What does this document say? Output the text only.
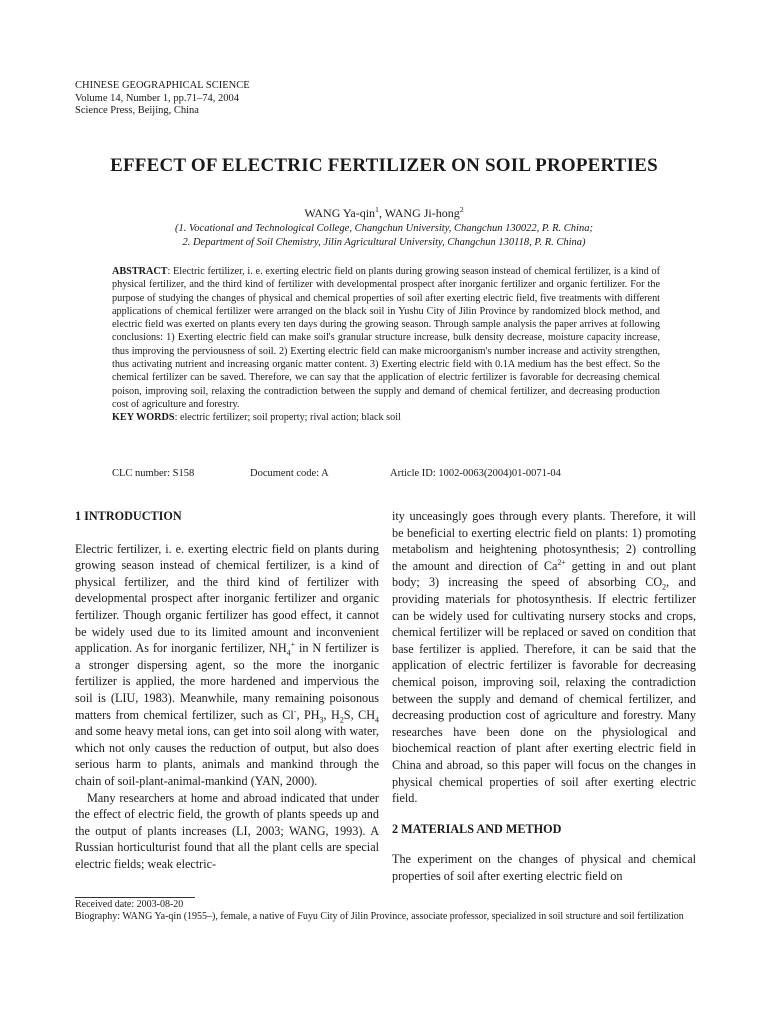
CHINESE GEOGRAPHICAL SCIENCE
Volume 14, Number 1, pp.71–74, 2004
Science Press, Beijing, China
EFFECT OF ELECTRIC FERTILIZER ON SOIL PROPERTIES
WANG Ya-qin$^1$, WANG Ji-hong$^2$
(1. Vocational and Technological College, Changchun University, Changchun 130022, P. R. China;
2. Department of Soil Chemistry, Jilin Agricultural University, Changchun 130118, P. R. China)
ABSTRACT: Electric fertilizer, i. e. exerting electric field on plants during growing season instead of chemical fertilizer, is a kind of physical fertilizer, and the third kind of fertilizer with developmental prospect after inorganic fertilizer and organic fertilizer. For the purpose of studying the changes of physical and chemical properties of soil after exerting electric field, five treatments with different applications of chemical fertilizer were arranged on the black soil in Yushu City of Jilin Province by randomized block method, and electric field was exerted on plants every ten days during the growing season. Through sample analysis the paper arrives at following conclusions: 1) Exerting electric field can make soil's granular structure increase, bulk density decrease, moisture capacity increase, thus improving the perviousness of soil. 2) Exerting electric field can make microorganism's number increase and activity strengthen, thus activating nutrient and increasing organic matter content. 3) Exerting electric field with 0.1A medium has the best effect. So the chemical fertilizer can be saved. Therefore, we can say that the application of electric fertilizer is favorable for decreasing chemical poison, improving soil, relaxing the contradiction between the supply and demand of chemical fertilizer, and decreasing production cost of agriculture and forestry.
KEY WORDS: electric fertilizer; soil property; rival action; black soil
CLC number: S158	Document code: A	Article ID: 1002-0063(2004)01-0071-04

1 INTRODUCTION

Electric fertilizer, i. e. exerting electric field on plants during growing season instead of chemical fertilizer, is a kind of physical fertilizer, and the third kind of fertilizer with developmental prospect after inorganic fertilizer and organic fertilizer. Though organic fertilizer has good effect, it cannot be widely used due to its limited amount and inconvenient application. As for inorganic fertilizer, $NH_4^+$ in N fertilizer is a stronger dispersing agent, so the more the inorganic fertilizer is applied, the more hardened and impervious the soil is (LIU, 1983). Meanwhile, many remaining poisonous matters from chemical fertilizer, such as Cl-, $PH_3$, $H_2S$, $CH_4$ and some heavy metal ions, can get into soil along with water, which not only causes the reduction of output, but also does serious harm to plants, animals and mankind through the chain of soil-plant-animal-mankind (YAN, 2000).

Many researchers at home and abroad indicated that under the effect of electric field, the growth of plants speeds up and the output of plants increases (LI, 2003; WANG, 1993). A Russian horticulturist found that all the plant cells are special electric fields; weak electric-

ity unceasingly goes through every plants. Therefore, it will be beneficial to exerting electric field on plants: 1) promoting metabolism and heightening photosynthesis; 2) controlling the amount and direction of $Ca^{2+}$ getting in and out plant body; 3) increasing the speed of absorbing $CO_2$, and providing materials for photosynthesis. If electric fertilizer can be widely used for cultivating nursery stocks and crops, chemical fertilizer will be replaced or saved on condition that base fertilizer is applied. Therefore, it can be said that the application of electric fertilizer is favorable for decreasing chemical poison, improving soil, relaxing the contradiction between the supply and demand of chemical fertilizer, and decreasing production cost of agriculture and forestry. Many researches have been done on the physiological and biochemical reaction of plant after exerting electric field in China and abroad, so this paper will focus on the changes in physical chemical properties of soil after exerting electric field.

2 MATERIALS AND METHOD

The experiment on the changes of physical and chemical properties of soil after exerting electric field on

Received date: 2003-08-20
Biography: WANG Ya-qin (1955–), female, a native of Fuyu City of Jilin Province, associate professor, specialized in soil structure and soil fertilization
